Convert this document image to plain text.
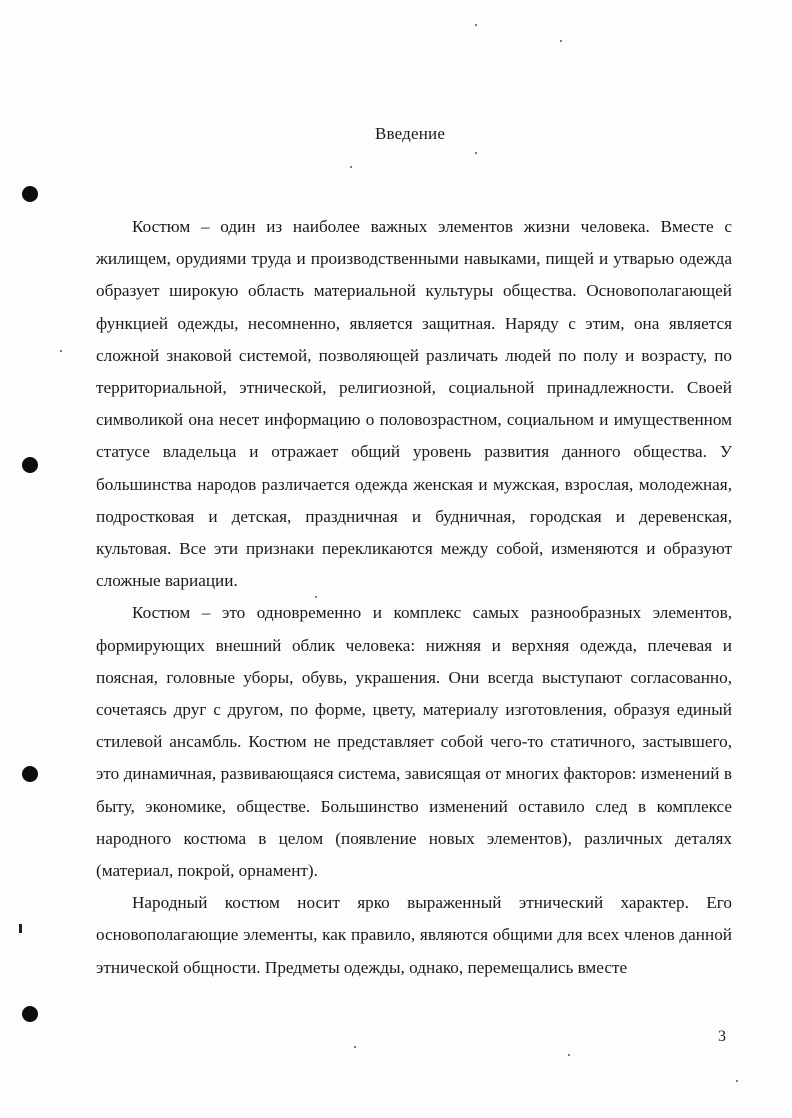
Введение

Костюм – один из наиболее важных элементов жизни человека. Вместе с жилищем, орудиями труда и производственными навыками, пищей и утварью одежда образует широкую область материальной культуры общества. Основополагающей функцией одежды, несомненно, является защитная. Наряду с этим, она является сложной знаковой системой, позволяющей различать людей по полу и возрасту, по территориальной, этнической, религиозной, социальной принадлежности. Своей символикой она несет информацию о половозрастном, социальном и имущественном статусе владельца и отражает общий уровень развития данного общества. У большинства народов различается одежда женская и мужская, взрослая, молодежная, подростковая и детская, праздничная и будничная, городская и деревенская, культовая. Все эти признаки перекликаются между собой, изменяются и образуют сложные вариации.

Костюм – это одновременно и комплекс самых разнообразных элементов, формирующих внешний облик человека: нижняя и верхняя одежда, плечевая и поясная, головные уборы, обувь, украшения. Они всегда выступают согласованно, сочетаясь друг с другом, по форме, цвету, материалу изготовления, образуя единый стилевой ансамбль. Костюм не представляет собой чего-то статичного, застывшего, это динамичная, развивающаяся система, зависящая от многих факторов: изменений в быту, экономике, обществе. Большинство изменений оставило след в комплексе народного костюма в целом (появление новых элементов), различных деталях (материал, покрой, орнамент).

Народный костюм носит ярко выраженный этнический характер. Его основополагающие элементы, как правило, являются общими для всех членов данной этнической общности. Предметы одежды, однако, перемещались вместе

3
